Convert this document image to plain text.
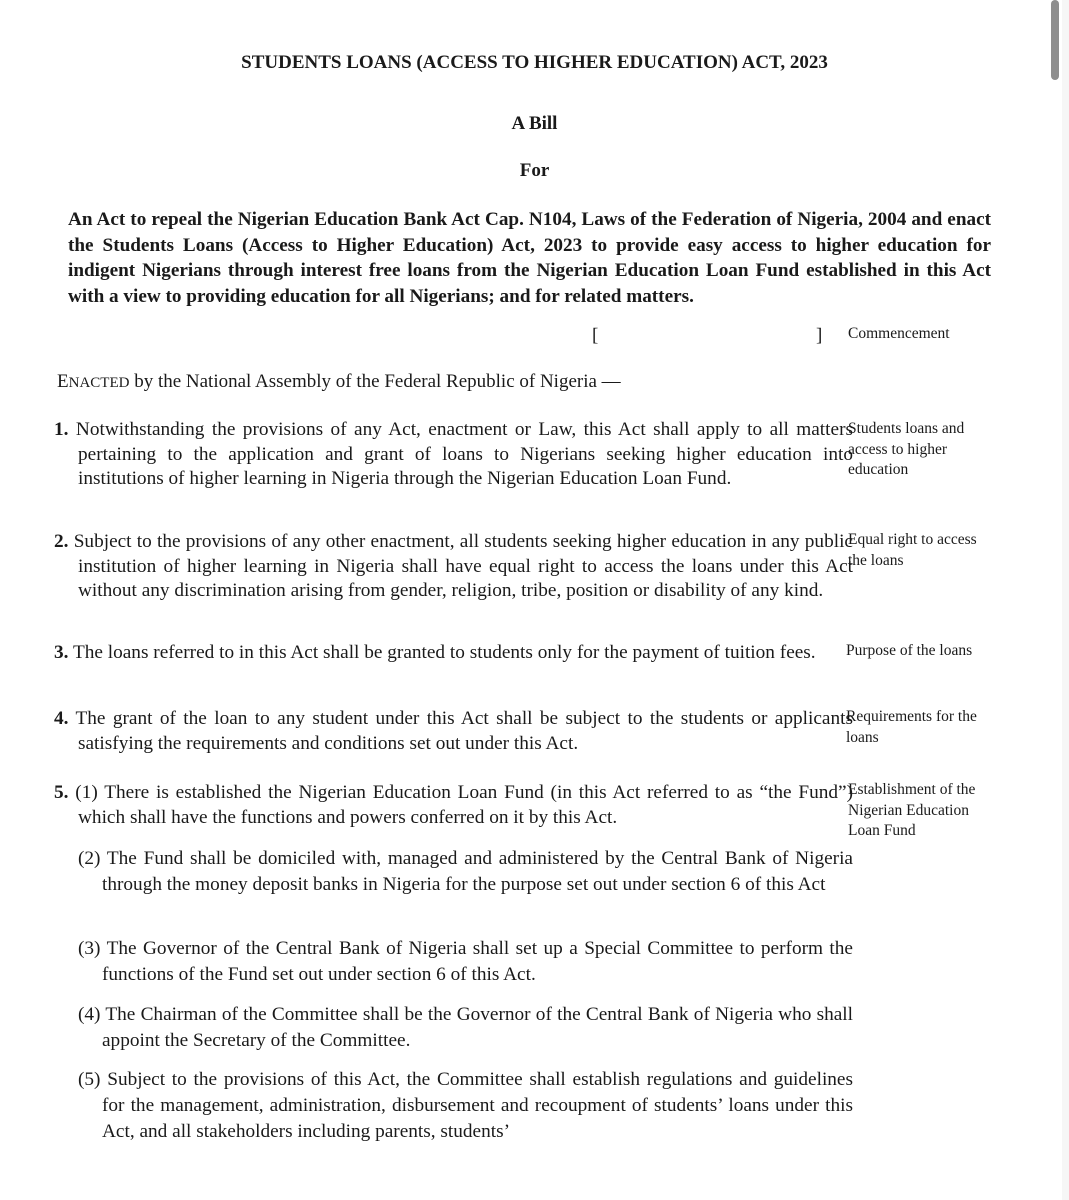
STUDENTS LOANS (ACCESS TO HIGHER EDUCATION) ACT, 2023
A Bill
For
An Act to repeal the Nigerian Education Bank Act Cap. N104, Laws of the Federation of Nigeria, 2004 and enact the Students Loans (Access to Higher Education) Act, 2023 to provide easy access to higher education for indigent Nigerians through interest free loans from the Nigerian Education Loan Fund established in this Act with a view to providing education for all Nigerians; and for related matters.
[	] Commencement
ENACTED by the National Assembly of the Federal Republic of Nigeria —
1. Notwithstanding the provisions of any Act, enactment or Law, this Act shall apply to all matters pertaining to the application and grant of loans to Nigerians seeking higher education into institutions of higher learning in Nigeria through the Nigerian Education Loan Fund.
Students loans and access to higher education
2. Subject to the provisions of any other enactment, all students seeking higher education in any public institution of higher learning in Nigeria shall have equal right to access the loans under this Act without any discrimination arising from gender, religion, tribe, position or disability of any kind.
Equal right to access the loans
3. The loans referred to in this Act shall be granted to students only for the payment of tuition fees.	Purpose of the loans
4. The grant of the loan to any student under this Act shall be subject to the students or applicants satisfying the requirements and conditions set out under this Act.
Requirements for the loans
5. (1) There is established the Nigerian Education Loan Fund (in this Act referred to as “the Fund”) which shall have the functions and powers conferred on it by this Act.
Establishment of the Nigerian Education Loan Fund
(2) The Fund shall be domiciled with, managed and administered by the Central Bank of Nigeria through the money deposit banks in Nigeria for the purpose set out under section 6 of this Act
(3) The Governor of the Central Bank of Nigeria shall set up a Special Committee to perform the functions of the Fund set out under section 6 of this Act.
(4) The Chairman of the Committee shall be the Governor of the Central Bank of Nigeria who shall appoint the Secretary of the Committee.
(5) Subject to the provisions of this Act, the Committee shall establish regulations and guidelines for the management, administration, disbursement and recoupment of students’ loans under this Act, and all stakeholders including parents, students’
